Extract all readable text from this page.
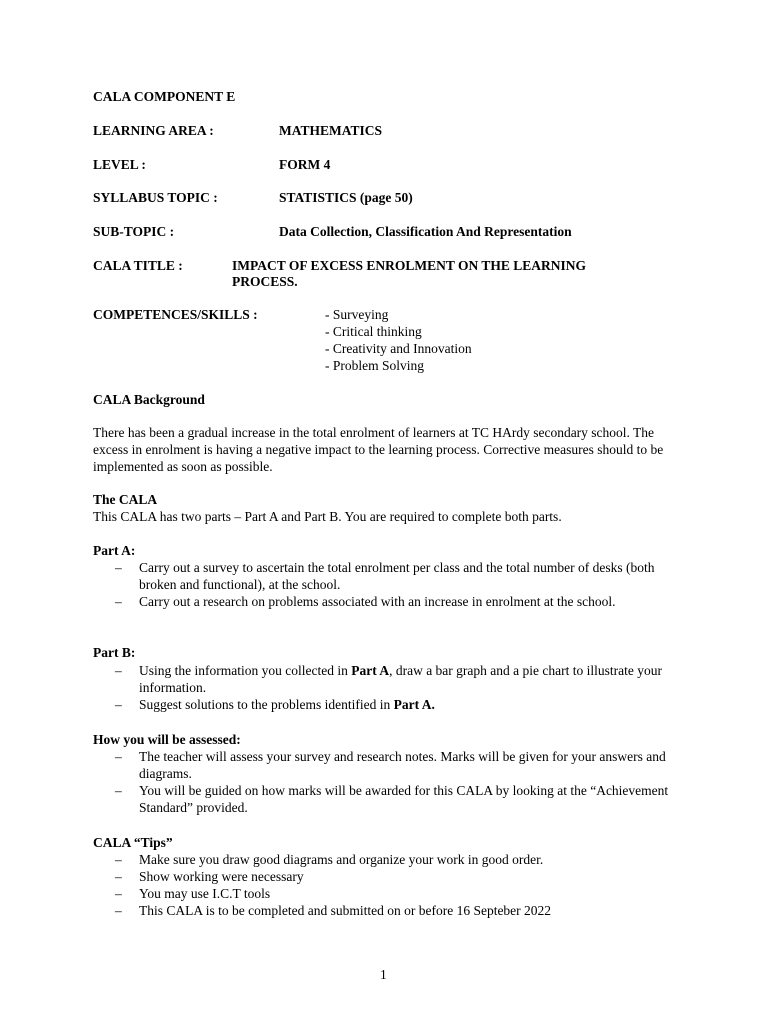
CALA COMPONENT E
LEARNING AREA :	MATHEMATICS
LEVEL :	FORM 4
SYLLABUS TOPIC :	STATISTICS (page 50)
SUB-TOPIC :	Data Collection, Classification And Representation
CALA TITLE :	IMPACT OF EXCESS ENROLMENT ON THE LEARNING
PROCESS.
COMPETENCES/SKILLS :	- Surveying
- Critical thinking
- Creativity and Innovation
- Problem Solving
CALA Background
There has been a gradual increase in the total enrolment of learners at TC HArdy secondary school. The excess in enrolment is having a negative impact to the learning process. Corrective measures should to be implemented as soon as possible.
The CALA
This CALA has two parts – Part A and Part B. You are required to complete both parts.
Part A:
– Carry out a survey to ascertain the total enrolment per class and the total number of desks (both broken and functional), at the school.
– Carry out a research on problems associated with an increase in enrolment at the school.
Part B:
– Using the information you collected in Part A, draw a bar graph and a pie chart to illustrate your information.
– Suggest solutions to the problems identified in Part A.
How you will be assessed:
– The teacher will assess your survey and research notes. Marks will be given for your answers and diagrams.
– You will be guided on how marks will be awarded for this CALA by looking at the “Achievement Standard” provided.
CALA “Tips”
– Make sure you draw good diagrams and organize your work in good order.
– Show working were necessary
– You may use I.C.T tools
– This CALA is to be completed and submitted on or before 16 Septeber 2022
1
